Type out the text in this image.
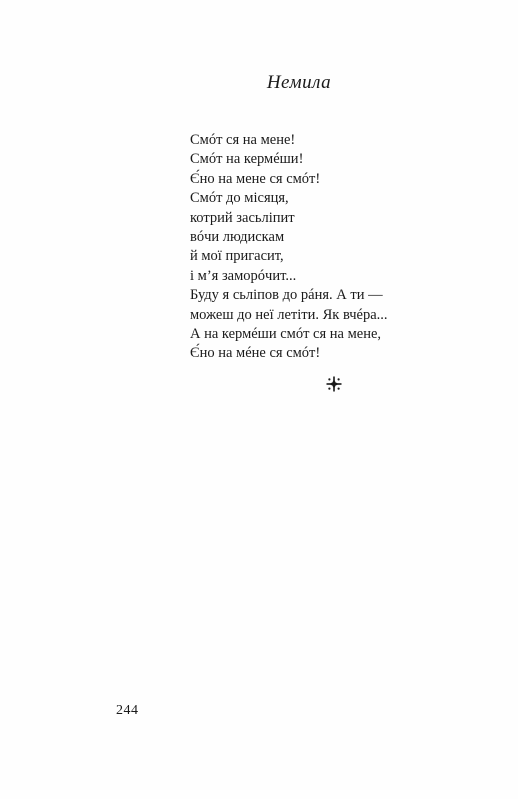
Немила
Смóт ся на мене!
Смóт на кермéши!
Є́но на мене ся смóт!
Смóт до місяця,
котрий засьліпит
вóчи людискам
й мої пригасит,
і м’я заморóчит...
Буду я сьліпов до рáня. А ти —
можеш до неї летіти. Як вчéра...
А на кермéши смóт ся на мене,
Є́но на мéне ся смóт!
244
